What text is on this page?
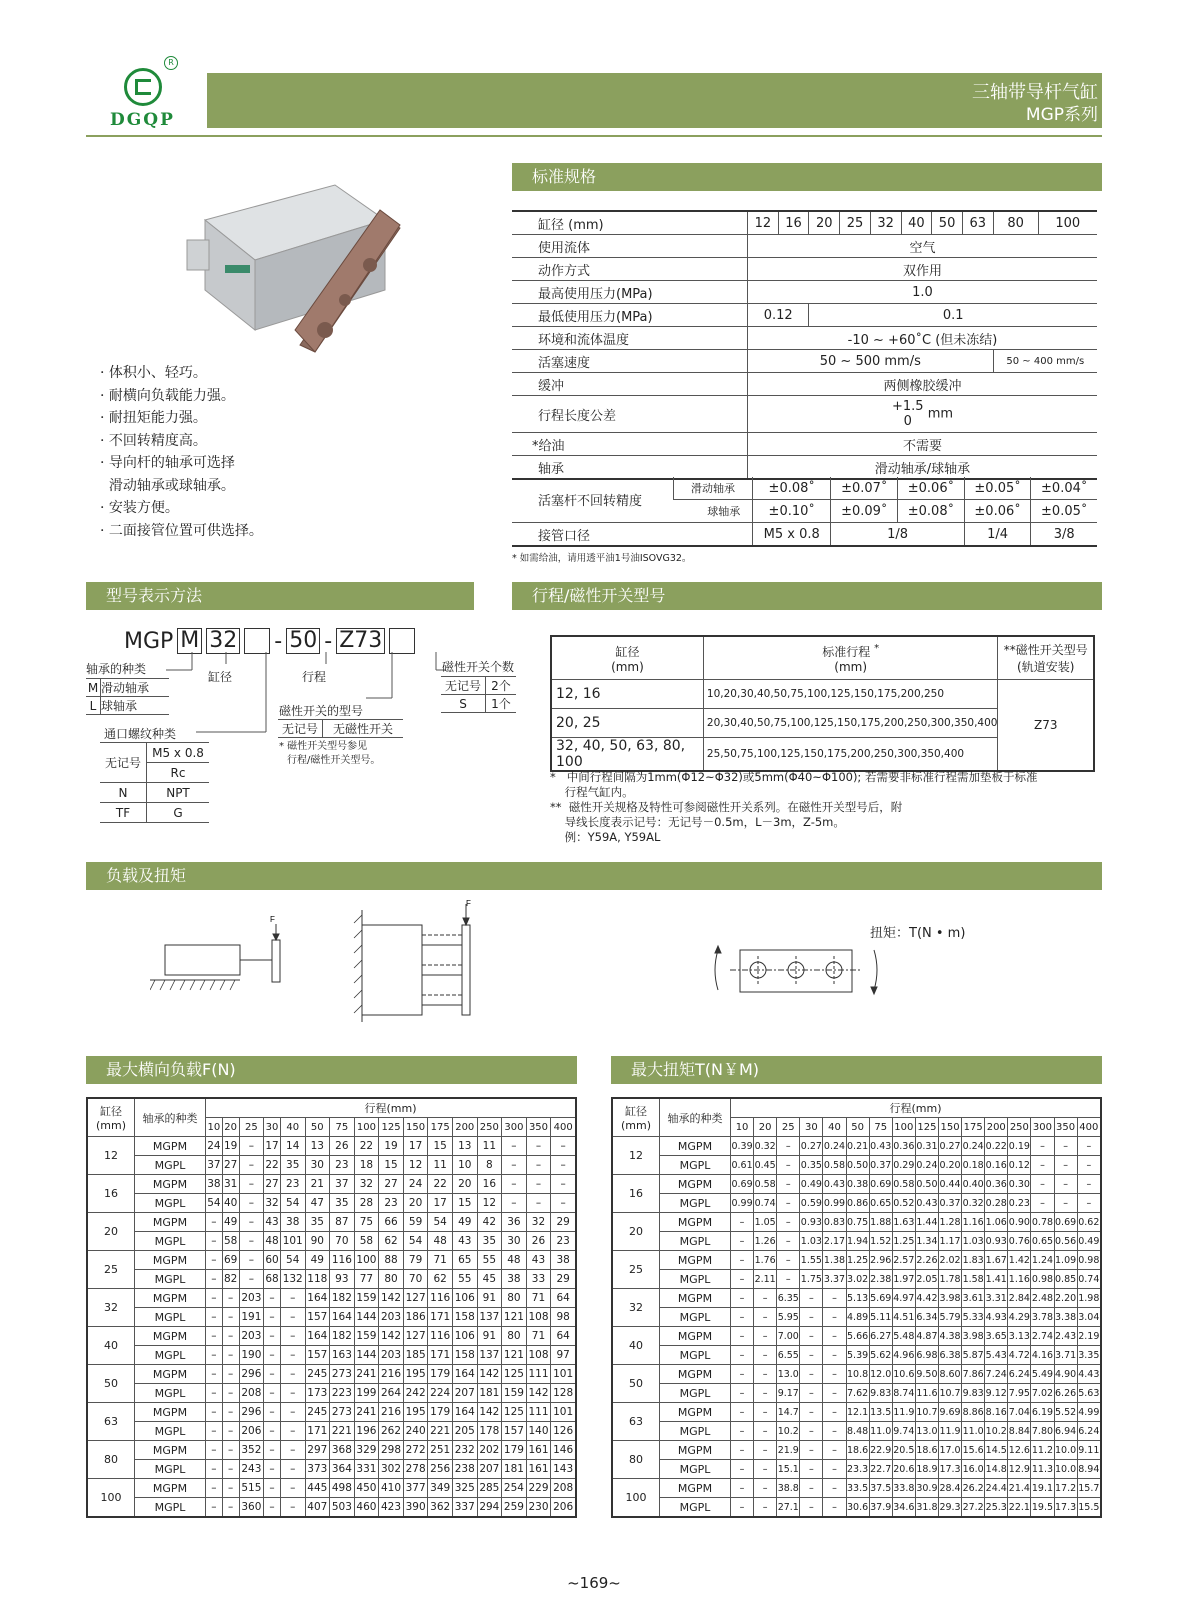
R
DGQP
三轴带导杆气缸
MGP系列
· 体积小、轻巧。
· 耐横向负载能力强。
· 耐扭矩能力强。
· 不回转精度高。
· 导向杆的轴承可选择
滑动轴承或球轴承。
· 安装方便。
· 二面接管位置可供选择。
标准规格
缸径 (mm)	12	16	20	25	32	40	50	63	80	100
使用流体	空气									
动作方式	双作用									
最高使用压力(MPa)	1.0									
最低使用压力(MPa)	0.12		0.1							
环境和流体温度	-10 ~ +60˚C (但未冻结)									
活塞速度	50 ~ 500 mm/s								50 ~ 400 mm/s	
缓冲	两侧橡胶缓冲									
行程长度公差	+1.5
0 mm									
*给油	不需要									
轴承	滑动轴承/球轴承									
活塞杆不回转精度	滑动轴承	±0.08˚	±0.07˚	±0.06˚	±0.05˚	±0.04˚
	球轴承	±0.10˚	±0.09˚	±0.08˚	±0.06˚	±0.05˚
接管口径		M5 x 0.8	1/8		1/4	3/8
* 如需给油，请用透平油1号油ISOVG32。
型号表示方法
MGP M 32 - 50 - Z73
轴承的种类
M	滑动轴承
L	球轴承
缸径	行程
磁性开关的型号
无记号	无磁性开关
* 磁性开关型号参见
行程/磁性开关型号。
磁性开关个数
无记号	2个
S	1个
通口螺纹种类
无记号	M5 x 0.8
	Rc
N	NPT
TF	G
行程/磁性开关型号
缸径
(mm)	标准行程 *
(mm)	**磁性开关型号
(轨道安装)
12, 16	10,20,30,40,50,75,100,125,150,175,200,250	Z73
20, 25	20,30,40,50,75,100,125,150,175,200,250,300,350,400	
32, 40, 50, 63, 80, 100	25,50,75,100,125,150,175,200,250,300,350,400	
*   中间行程间隔为1mm(Φ12~Φ32)或5mm(Φ40~Φ100); 若需要非标准行程需加垫板于标准
行程气缸内。
**  磁性开关规格及特性可参阅磁性开关系列。在磁性开关型号后，附
导线长度表示记号：无记号－0.5m，L－3m，Z-5m。
例：Y59A, Y59AL
负载及扭矩
F
F
扭矩：T(N • m)
最大横向负载F(N)
缸径
(mm)	轴承的种类	行程(mm)															
		10	20	25	30	40	50	75	100	125	150	175	200	250	300	350	400
12	MGPM	24	19	–	17	14	13	26	22	19	17	15	13	11	–	–	–
	MGPL	37	27	–	22	35	30	23	18	15	12	11	10	8	–	–	–
16	MGPM	38	31	–	27	23	21	37	32	27	24	22	20	16	–	–	–
	MGPL	54	40	–	32	54	47	35	28	23	20	17	15	12	–	–	–
20	MGPM	–	49	–	43	38	35	87	75	66	59	54	49	42	36	32	29
	MGPL	–	58	–	48	101	90	70	58	62	54	48	43	35	30	26	23
25	MGPM	–	69	–	60	54	49	116	100	88	79	71	65	55	48	43	38
	MGPL	–	82	–	68	132	118	93	77	80	70	62	55	45	38	33	29
32	MGPM	–	–	203	–	–	164	182	159	142	127	116	106	91	80	71	64
	MGPL	–	–	191	–	–	157	164	144	203	186	171	158	137	121	108	98
40	MGPM	–	–	203	–	–	164	182	159	142	127	116	106	91	80	71	64
	MGPL	–	–	190	–	–	157	163	144	203	185	171	158	137	121	108	97
50	MGPM	–	–	296	–	–	245	273	241	216	195	179	164	142	125	111	101
	MGPL	–	–	208	–	–	173	223	199	264	242	224	207	181	159	142	128
63	MGPM	–	–	296	–	–	245	273	241	216	195	179	164	142	125	111	101
	MGPL	–	–	206	–	–	171	221	196	262	240	221	205	178	157	140	126
80	MGPM	–	–	352	–	–	297	368	329	298	272	251	232	202	179	161	146
	MGPL	–	–	243	–	–	373	364	331	302	278	256	238	207	181	161	143
100	MGPM	–	–	515	–	–	445	498	450	410	377	349	325	285	254	229	208
	MGPL	–	–	360	–	–	407	503	460	423	390	362	337	294	259	230	206
最大扭矩T(N￥M)
缸径
(mm)	轴承的种类	行程(mm)															
		10	20	25	30	40	50	75	100	125	150	175	200	250	300	350	400
12	MGPM	0.39	0.32	–	0.27	0.24	0.21	0.43	0.36	0.31	0.27	0.24	0.22	0.19	–	–	–
	MGPL	0.61	0.45	–	0.35	0.58	0.50	0.37	0.29	0.24	0.20	0.18	0.16	0.12	–	–	–
16	MGPM	0.69	0.58	–	0.49	0.43	0.38	0.69	0.58	0.50	0.44	0.40	0.36	0.30	–	–	–
	MGPL	0.99	0.74	–	0.59	0.99	0.86	0.65	0.52	0.43	0.37	0.32	0.28	0.23	–	–	–
20	MGPM	–	1.05	–	0.93	0.83	0.75	1.88	1.63	1.44	1.28	1.16	1.06	0.90	0.78	0.69	0.62
	MGPL	–	1.26	–	1.03	2.17	1.94	1.52	1.25	1.34	1.17	1.03	0.93	0.76	0.65	0.56	0.49
25	MGPM	–	1.76	–	1.55	1.38	1.25	2.96	2.57	2.26	2.02	1.83	1.67	1.42	1.24	1.09	0.98
	MGPL	–	2.11	–	1.75	3.37	3.02	2.38	1.97	2.05	1.78	1.58	1.41	1.16	0.98	0.85	0.74
32	MGPM	–	–	6.35	–	–	5.13	5.69	4.97	4.42	3.98	3.61	3.31	2.84	2.48	2.20	1.98
	MGPL	–	–	5.95	–	–	4.89	5.11	4.51	6.34	5.79	5.33	4.93	4.29	3.78	3.38	3.04
40	MGPM	–	–	7.00	–	–	5.66	6.27	5.48	4.87	4.38	3.98	3.65	3.13	2.74	2.43	2.19
	MGPL	–	–	6.55	–	–	5.39	5.62	4.96	6.98	6.38	5.87	5.43	4.72	4.16	3.71	3.35
50	MGPM	–	–	13.0	–	–	10.8	12.0	10.6	9.50	8.60	7.86	7.24	6.24	5.49	4.90	4.43
	MGPL	–	–	9.17	–	–	7.62	9.83	8.74	11.6	10.7	9.83	9.12	7.95	7.02	6.26	5.63
63	MGPM	–	–	14.7	–	–	12.1	13.5	11.9	10.7	9.69	8.86	8.16	7.04	6.19	5.52	4.99
	MGPL	–	–	10.2	–	–	8.48	11.0	9.74	13.0	11.9	11.0	10.2	8.84	7.80	6.94	6.24
80	MGPM	–	–	21.9	–	–	18.6	22.9	20.5	18.6	17.0	15.6	14.5	12.6	11.2	10.0	9.11
	MGPL	–	–	15.1	–	–	23.3	22.7	20.6	18.9	17.3	16.0	14.8	12.9	11.3	10.0	8.94
100	MGPM	–	–	38.8	–	–	33.5	37.5	33.8	30.9	28.4	26.2	24.4	21.4	19.1	17.2	15.7
	MGPL	–	–	27.1	–	–	30.6	37.9	34.6	31.8	29.3	27.2	25.3	22.1	19.5	17.3	15.5
~169~
